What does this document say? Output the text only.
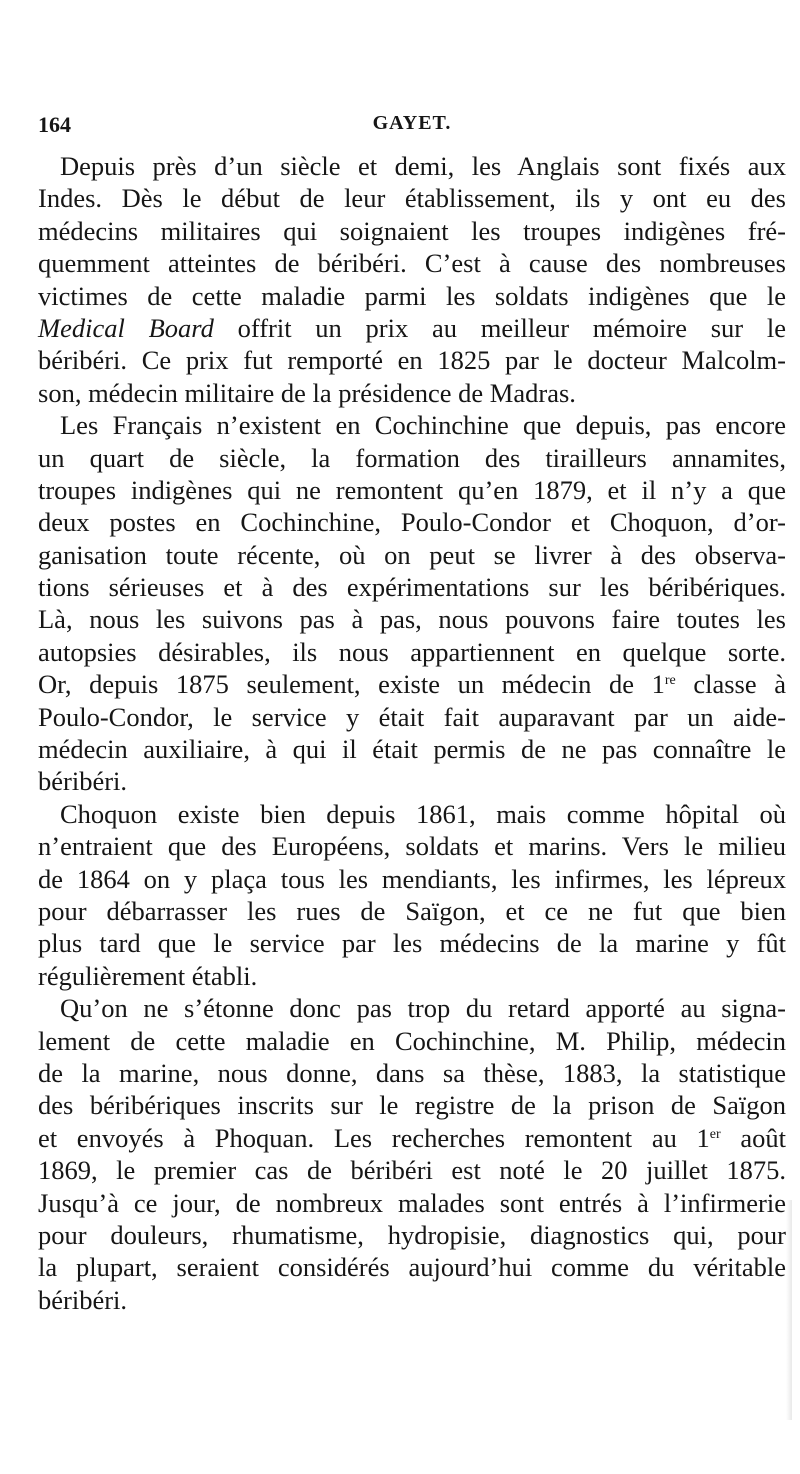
164	GAYET.
Depuis près d’un siècle et demi, les Anglais sont fixés aux
Indes. Dès le début de leur établissement, ils y ont eu des
médecins militaires qui soignaient les troupes indigènes fré-
quemment atteintes de béribéri. C’est à cause des nombreuses
victimes de cette maladie parmi les soldats indigènes que le
Medical Board offrit un prix au meilleur mémoire sur le
béribéri. Ce prix fut remporté en 1825 par le docteur Malcolm-
son, médecin militaire de la présidence de Madras.
Les Français n’existent en Cochinchine que depuis, pas encore
un quart de siècle, la formation des tirailleurs annamites,
troupes indigènes qui ne remontent qu’en 1879, et il n’y a que
deux postes en Cochinchine, Poulo-Condor et Choquon, d’or-
ganisation toute récente, où on peut se livrer à des observa-
tions sérieuses et à des expérimentations sur les béribériques.
Là, nous les suivons pas à pas, nous pouvons faire toutes les
autopsies désirables, ils nous appartiennent en quelque sorte.
Or, depuis 1875 seulement, existe un médecin de 1re classe à
Poulo-Condor, le service y était fait auparavant par un aide-
médecin auxiliaire, à qui il était permis de ne pas connaître le
béribéri.
Choquon existe bien depuis 1861, mais comme hôpital où
n’entraient que des Européens, soldats et marins. Vers le milieu
de 1864 on y plaça tous les mendiants, les infirmes, les lépreux
pour débarrasser les rues de Saïgon, et ce ne fut que bien
plus tard que le service par les médecins de la marine y fût
régulièrement établi.
Qu’on ne s’étonne donc pas trop du retard apporté au signa-
lement de cette maladie en Cochinchine, M. Philip, médecin
de la marine, nous donne, dans sa thèse, 1883, la statistique
des béribériques inscrits sur le registre de la prison de Saïgon
et envoyés à Phoquan. Les recherches remontent au 1er août
1869, le premier cas de béribéri est noté le 20 juillet 1875.
Jusqu’à ce jour, de nombreux malades sont entrés à l’infirmerie
pour douleurs, rhumatisme, hydropisie, diagnostics qui, pour
la plupart, seraient considérés aujourd’hui comme du véritable
béribéri.
